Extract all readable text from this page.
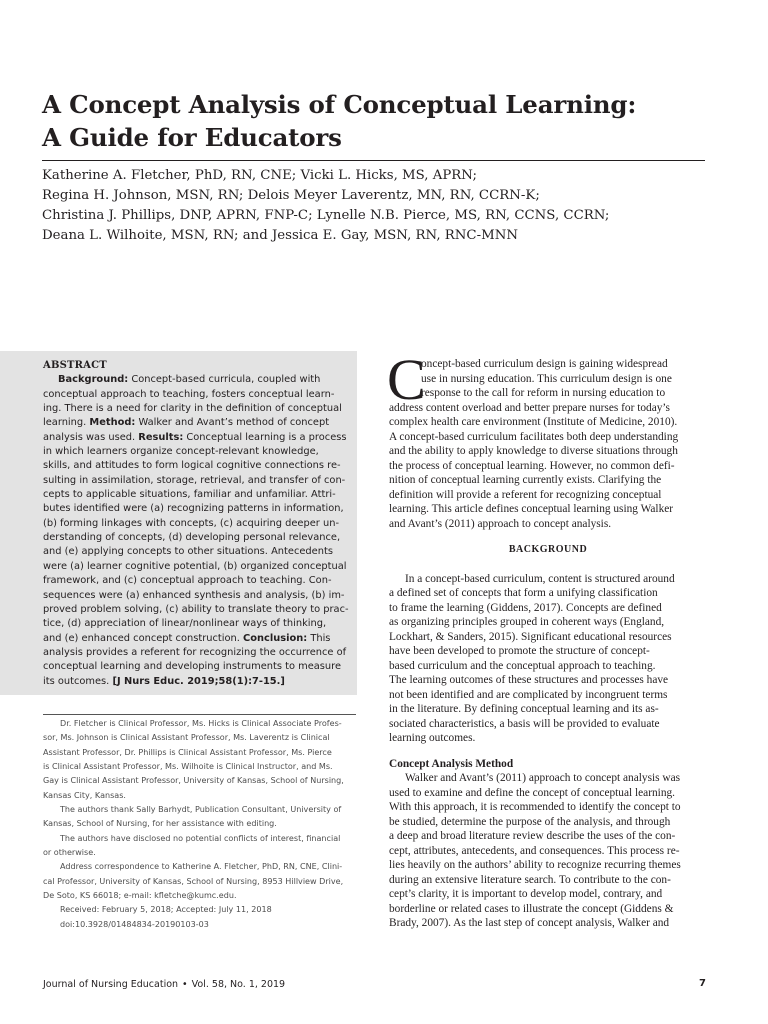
A Concept Analysis of Conceptual Learning:
A Guide for Educators
Katherine A. Fletcher, PhD, RN, CNE; Vicki L. Hicks, MS, APRN;
Regina H. Johnson, MSN, RN; Delois Meyer Laverentz, MN, RN, CCRN-K;
Christina J. Phillips, DNP, APRN, FNP-C; Lynelle N.B. Pierce, MS, RN, CCNS, CCRN;
Deana L. Wilhoite, MSN, RN; and Jessica E. Gay, MSN, RN, RNC-MNN
ABSTRACT
Background: Concept-based curricula, coupled with
conceptual approach to teaching, fosters conceptual learn-
ing. There is a need for clarity in the definition of conceptual
learning. Method: Walker and Avant’s method of concept
analysis was used. Results: Conceptual learning is a process
in which learners organize concept-relevant knowledge,
skills, and attitudes to form logical cognitive connections re-
sulting in assimilation, storage, retrieval, and transfer of con-
cepts to applicable situations, familiar and unfamiliar. Attri-
butes identified were (a) recognizing patterns in information,
(b) forming linkages with concepts, (c) acquiring deeper un-
derstanding of concepts, (d) developing personal relevance,
and (e) applying concepts to other situations. Antecedents
were (a) learner cognitive potential, (b) organized conceptual
framework, and (c) conceptual approach to teaching. Con-
sequences were (a) enhanced synthesis and analysis, (b) im-
proved problem solving, (c) ability to translate theory to prac-
tice, (d) appreciation of linear/nonlinear ways of thinking,
and (e) enhanced concept construction. Conclusion: This
analysis provides a referent for recognizing the occurrence of
conceptual learning and developing instruments to measure
its outcomes. [J Nurs Educ. 2019;58(1):7-15.]
Dr. Fletcher is Clinical Professor, Ms. Hicks is Clinical Associate Profes-
sor, Ms. Johnson is Clinical Assistant Professor, Ms. Laverentz is Clinical
Assistant Professor, Dr. Phillips is Clinical Assistant Professor, Ms. Pierce
is Clinical Assistant Professor, Ms. Wilhoite is Clinical Instructor, and Ms.
Gay is Clinical Assistant Professor, University of Kansas, School of Nursing,
Kansas City, Kansas.
The authors thank Sally Barhydt, Publication Consultant, University of
Kansas, School of Nursing, for her assistance with editing.
The authors have disclosed no potential conflicts of interest, financial
or otherwise.
Address correspondence to Katherine A. Fletcher, PhD, RN, CNE, Clini-
cal Professor, University of Kansas, School of Nursing, 8953 Hillview Drive,
De Soto, KS 66018; e-mail: kfletche@kumc.edu.
Received: February 5, 2018; Accepted: July 11, 2018
doi:10.3928/01484834-20190103-03
C
oncept-based curriculum design is gaining widespread
use in nursing education. This curriculum design is one
response to the call for reform in nursing education to
address content overload and better prepare nurses for today’s
complex health care environment (Institute of Medicine, 2010).
A concept-based curriculum facilitates both deep understanding
and the ability to apply knowledge to diverse situations through
the process of conceptual learning. However, no common defi-
nition of conceptual learning currently exists. Clarifying the
definition will provide a referent for recognizing conceptual
learning. This article defines conceptual learning using Walker
and Avant’s (2011) approach to concept analysis.
BACKGROUND
In a concept-based curriculum, content is structured around
a defined set of concepts that form a unifying classification
to frame the learning (Giddens, 2017). Concepts are defined
as organizing principles grouped in coherent ways (England,
Lockhart, & Sanders, 2015). Significant educational resources
have been developed to promote the structure of concept-
based curriculum and the conceptual approach to teaching.
The learning outcomes of these structures and processes have
not been identified and are complicated by incongruent terms
in the literature. By defining conceptual learning and its as-
sociated characteristics, a basis will be provided to evaluate
learning outcomes.
Concept Analysis Method
Walker and Avant’s (2011) approach to concept analysis was
used to examine and define the concept of conceptual learning.
With this approach, it is recommended to identify the concept to
be studied, determine the purpose of the analysis, and through
a deep and broad literature review describe the uses of the con-
cept, attributes, antecedents, and consequences. This process re-
lies heavily on the authors’ ability to recognize recurring themes
during an extensive literature search. To contribute to the con-
cept’s clarity, it is important to develop model, contrary, and
borderline or related cases to illustrate the concept (Giddens &
Brady, 2007). As the last step of concept analysis, Walker and
Journal of Nursing Education • Vol. 58, No. 1, 2019	7
